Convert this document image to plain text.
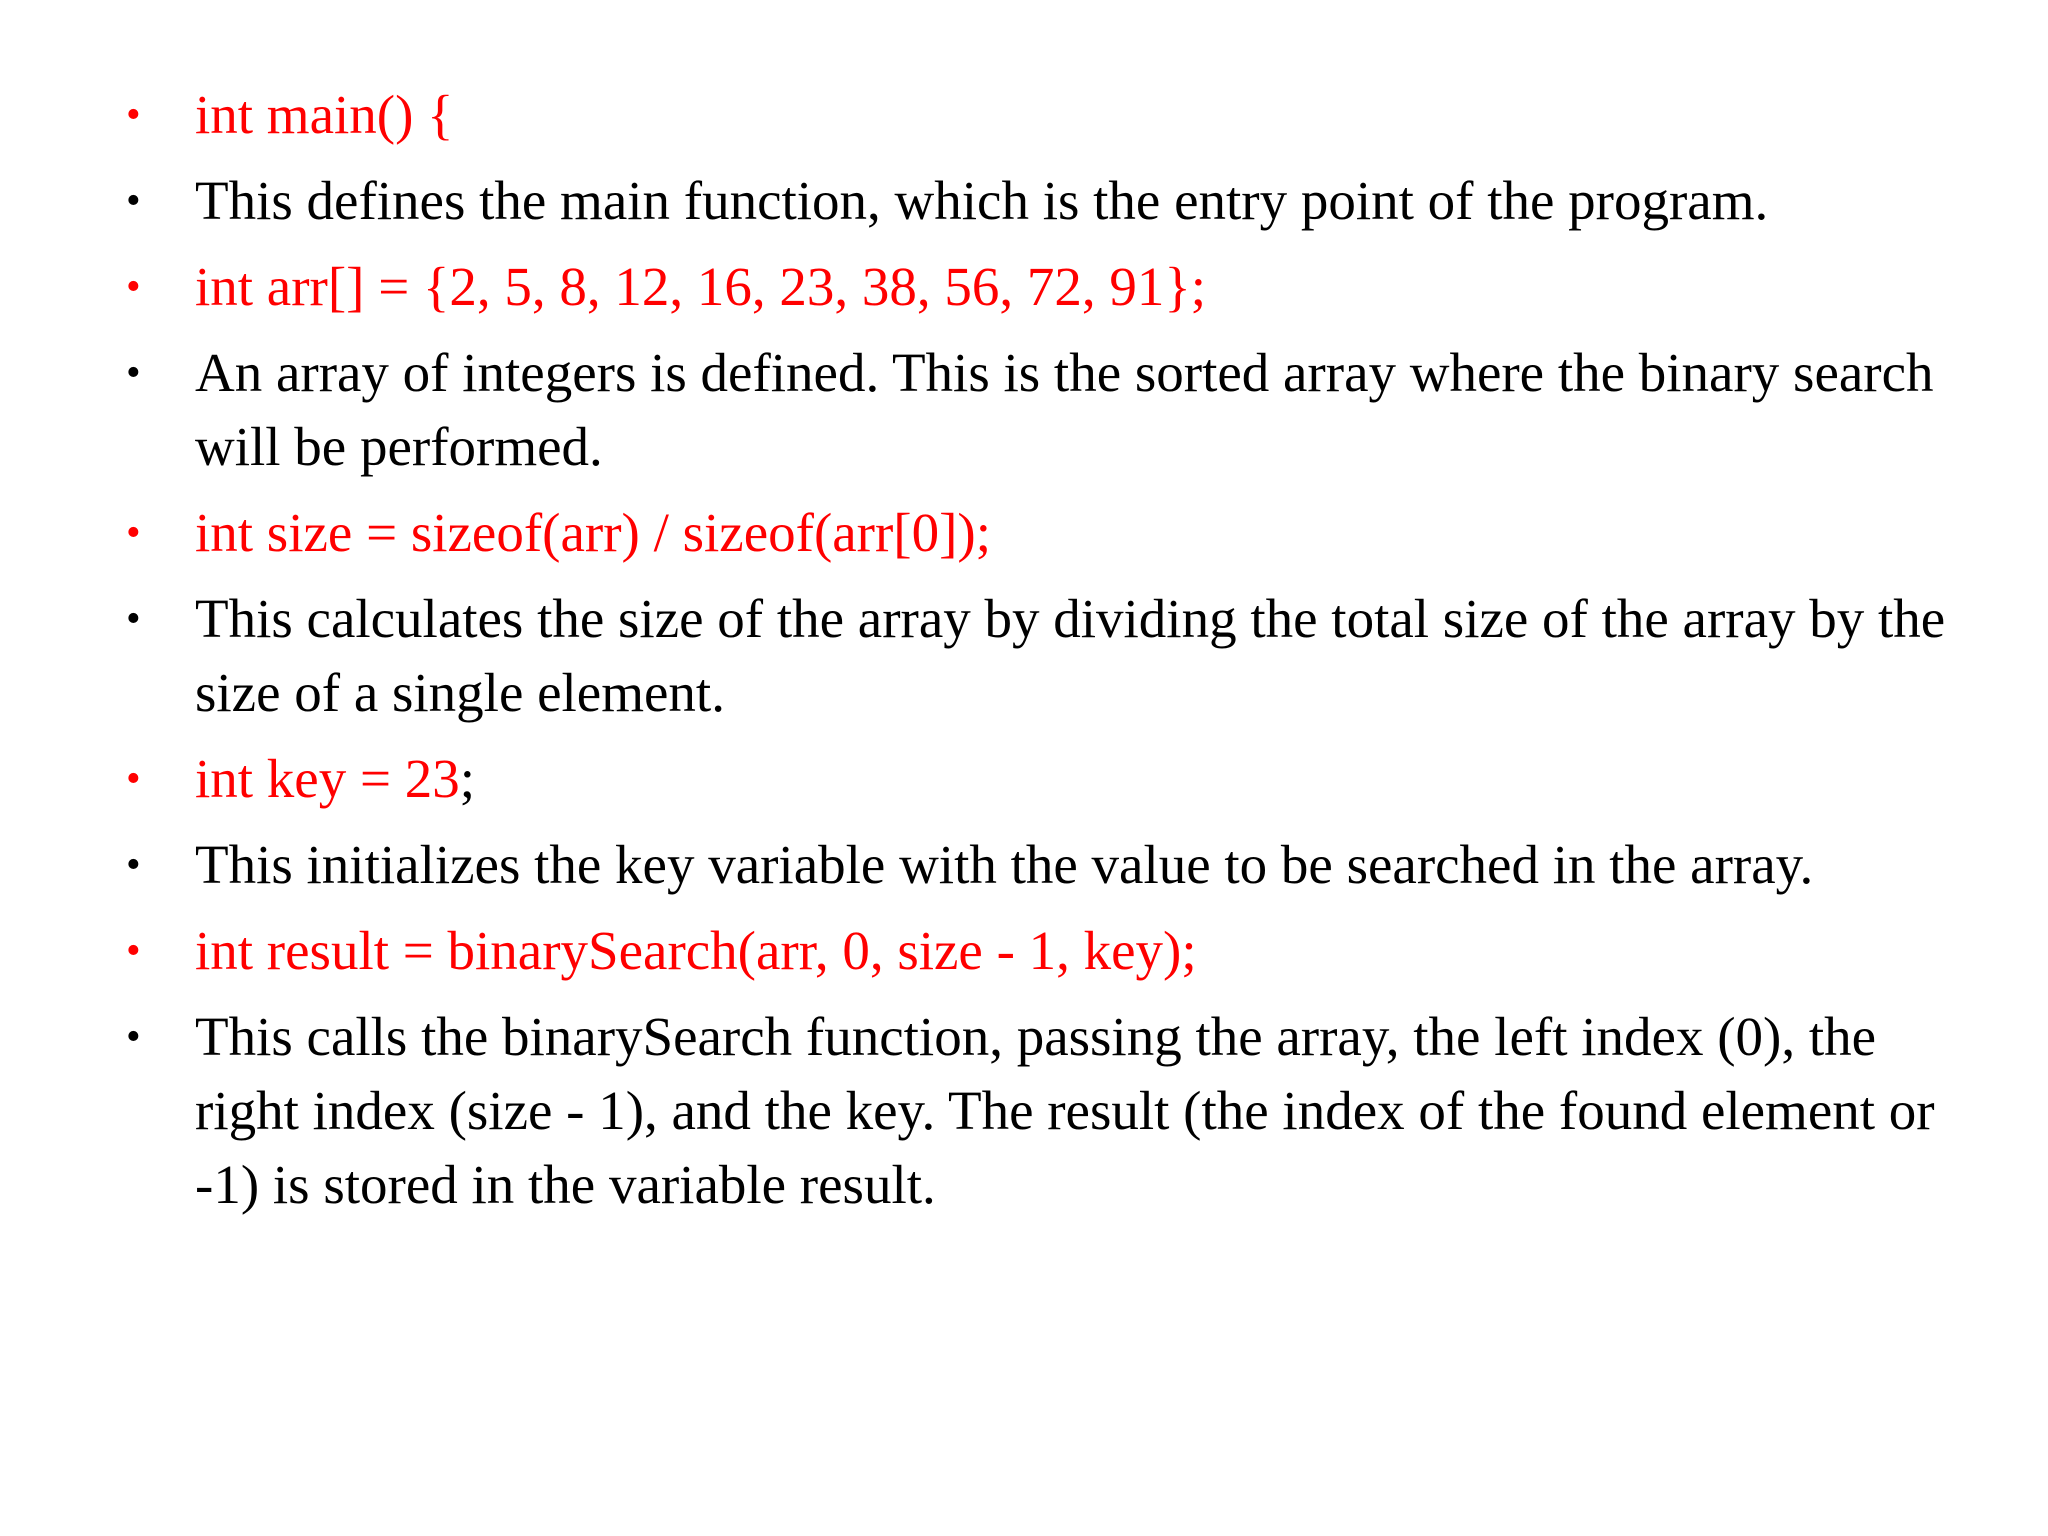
• int main() {
• This defines the main function, which is the entry point of the program.
• int arr[] = {2, 5, 8, 12, 16, 23, 38, 56, 72, 91};
• An array of integers is defined. This is the sorted array where the binary search will be performed.
• int size = sizeof(arr) / sizeof(arr[0]);
• This calculates the size of the array by dividing the total size of the array by the size of a single element.
• int key = 23;
• This initializes the key variable with the value to be searched in the array.
• int result = binarySearch(arr, 0, size - 1, key);
• This calls the binarySearch function, passing the array, the left index (0), the right index (size - 1), and the key. The result (the index of the found element or -1) is stored in the variable result.
